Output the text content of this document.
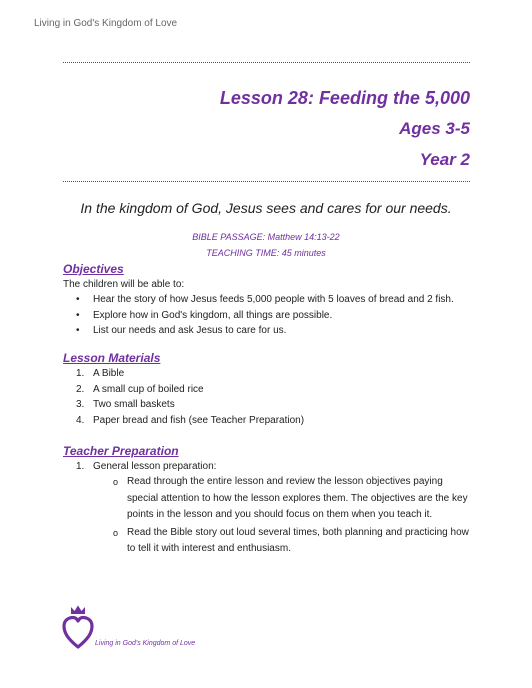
Living in God's Kingdom of Love
Lesson 28: Feeding the 5,000
Ages 3-5
Year 2
In the kingdom of God, Jesus sees and cares for our needs.
BIBLE PASSAGE: Matthew 14:13-22
TEACHING TIME: 45 minutes
Objectives
The children will be able to:
• Hear the story of how Jesus feeds 5,000 people with 5 loaves of bread and 2 fish.
• Explore how in God's kingdom, all things are possible.
• List our needs and ask Jesus to care for us.
Lesson Materials
1. A Bible
2. A small cup of boiled rice
3. Two small baskets
4. Paper bread and fish (see Teacher Preparation)
Teacher Preparation
1. General lesson preparation:
o Read through the entire lesson and review the lesson objectives paying special attention to how the lesson explores them. The objectives are the key points in the lesson and you should focus on them when you teach it.
o Read the Bible story out loud several times, both planning and practicing how to tell it with interest and enthusiasm.
Living in God's Kingdom of Love
